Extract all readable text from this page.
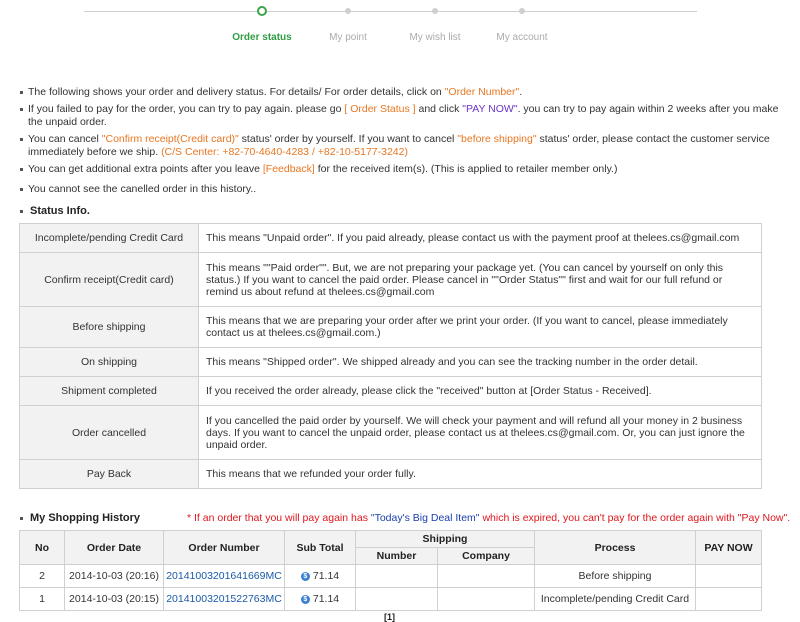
Order status	My point	My wish list	My account
The following shows your order and delivery status. For details/ For order details, click on "Order Number".
If you failed to pay for the order, you can try to pay again. please go [ Order Status ] and click "PAY NOW". you can try to pay again within 2 weeks after you make the unpaid order.
You can cancel "Confirm receipt(Credit card)" status' order by yourself. If you want to cancel "before shipping" status' order, please contact the customer service immediately before we ship. (C/S Center: +82-70-4640-4283 / +82-10-5177-3242)
You can get additional extra points after you leave [Feedback] for the received item(s). (This is applied to retailer member only.)
You cannot see the canelled order in this history..
Status Info.
Incomplete/pending Credit Card	This means "Unpaid order". If you paid already, please contact us with the payment proof at thelees.cs@gmail.com
Confirm receipt(Credit card)	This means ""Paid order"". But, we are not preparing your package yet. (You can cancel by yourself on only this status.) If you want to cancel the paid order. Please cancel in ""Order Status"" first and wait for our full refund or remind us about refund at thelees.cs@gmail.com
Before shipping	This means that we are preparing your order after we print your order. (If you want to cancel, please immediately contact us at thelees.cs@gmail.com.)
On shipping	This means "Shipped order". We shipped already and you can see the tracking number in the order detail.
Shipment completed	If you received the order already, please click the "received" button at [Order Status - Received].
Order cancelled	If you cancelled the paid order by yourself. We will check your payment and will refund all your money in 2 business days. If you want to cancel the unpaid order, please contact us at thelees.cs@gmail.com. Or, you can just ignore the unpaid order.
Pay Back	This means that we refunded your order fully.
My Shopping History	* If an order that you will pay again has "Today's Big Deal Item" which is expired, you can't pay for the order again with "Pay Now".
No	Order Date	Order Number	Sub Total	Shipping		Process	PAY NOW
				Number	Company		
2	2014-10-03 (20:16)	20141003201641669MC	$ 71.14			Before shipping	
1	2014-10-03 (20:15)	20141003201522763MC	$ 71.14			Incomplete/pending Credit Card	
[1]
